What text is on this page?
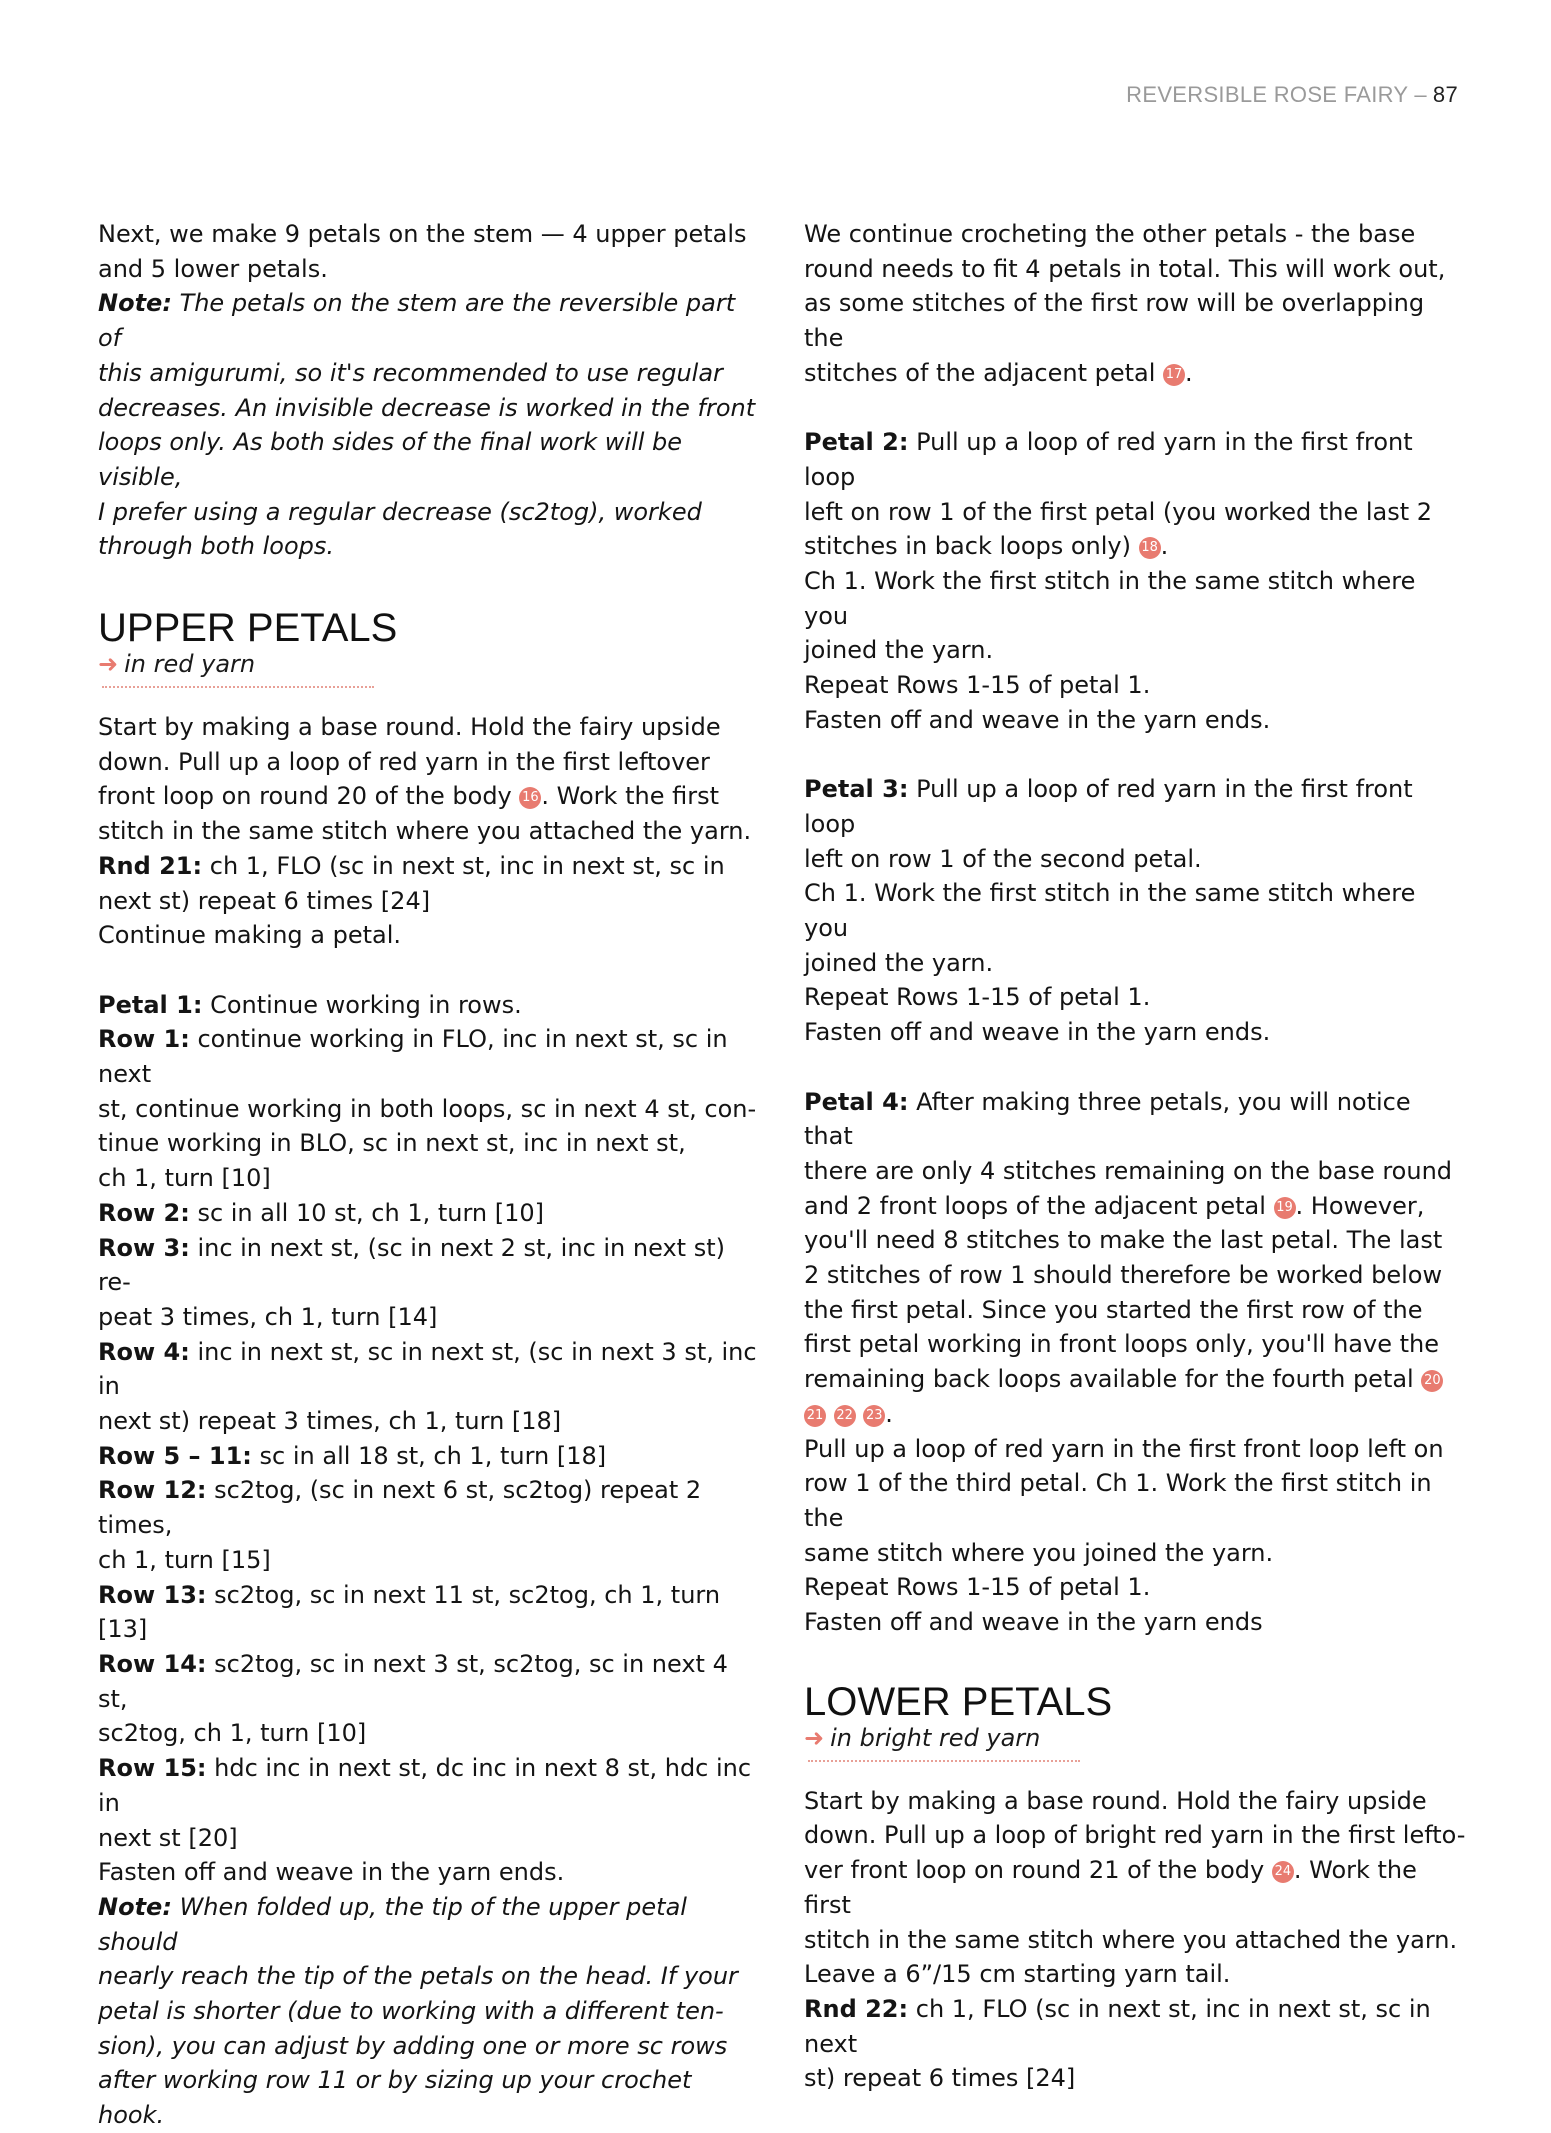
REVERSIBLE ROSE FAIRY – 87

Next, we make 9 petals on the stem — 4 upper petals

and 5 lower petals.

Note: The petals on the stem are the reversible part of

this amigurumi, so it's recommended to use regular

decreases. An invisible decrease is worked in the front

loops only. As both sides of the final work will be visible,

I prefer using a regular decrease (sc2tog), worked

through both loops.

UPPER PETALS
➜ in red yarn

Start by making a base round. Hold the fairy upside

down. Pull up a loop of red yarn in the first leftover

front loop on round 20 of the body 16 . Work the first

stitch in the same stitch where you attached the yarn.

Rnd 21: ch 1, FLO (sc in next st, inc in next st, sc in

next st) repeat 6 times [24]

Continue making a petal.

Petal 1: Continue working in rows.

Row 1: continue working in FLO, inc in next st, sc in next

st, continue working in both loops, sc in next 4 st, con-

tinue working in BLO, sc in next st, inc in next st,

ch 1, turn [10]

Row 2: sc in all 10 st, ch 1, turn [10]

Row 3: inc in next st, (sc in next 2 st, inc in next st) re-

peat 3 times, ch 1, turn [14]

Row 4: inc in next st, sc in next st, (sc in next 3 st, inc in

next st) repeat 3 times, ch 1, turn [18]

Row 5 – 11: sc in all 18 st, ch 1, turn [18]

Row 12: sc2tog, (sc in next 6 st, sc2tog) repeat 2 times,

ch 1, turn [15]

Row 13: sc2tog, sc in next 11 st, sc2tog, ch 1, turn [13]

Row 14: sc2tog, sc in next 3 st, sc2tog, sc in next 4 st,

sc2tog, ch 1, turn [10]

Row 15: hdc inc in next st, dc inc in next 8 st, hdc inc in

next st [20]

Fasten off and weave in the yarn ends.

Note: When folded up, the tip of the upper petal should

nearly reach the tip of the petals on the head. If your

petal is shorter (due to working with a different ten-

sion), you can adjust by adding one or more sc rows

after working row 11 or by sizing up your crochet

hook.

We continue crocheting the other petals - the base

round needs to fit 4 petals in total. This will work out,

as some stitches of the first row will be overlapping the

stitches of the adjacent petal 17 .

Petal 2: Pull up a loop of red yarn in the first front loop

left on row 1 of the first petal (you worked the last 2

stitches in back loops only) 18 .

Ch 1. Work the first stitch in the same stitch where you

joined the yarn.

Repeat Rows 1-15 of petal 1.

Fasten off and weave in the yarn ends.

Petal 3: Pull up a loop of red yarn in the first front loop

left on row 1 of the second petal.

Ch 1. Work the first stitch in the same stitch where you

joined the yarn.

Repeat Rows 1-15 of petal 1.

Fasten off and weave in the yarn ends.

Petal 4: After making three petals, you will notice that

there are only 4 stitches remaining on the base round

and 2 front loops of the adjacent petal 19 . However,

you'll need 8 stitches to make the last petal. The last

2 stitches of row 1 should therefore be worked below

the first petal. Since you started the first row of the

first petal working in front loops only, you'll have the

remaining back loops available for the fourth petal 20

21 22 23 .

Pull up a loop of red yarn in the first front loop left on

row 1 of the third petal. Ch 1. Work the first stitch in the

same stitch where you joined the yarn.

Repeat Rows 1-15 of petal 1.

Fasten off and weave in the yarn ends

LOWER PETALS
➜ in bright red yarn

Start by making a base round. Hold the fairy upside

down. Pull up a loop of bright red yarn in the first lefto-

ver front loop on round 21 of the body 24 . Work the first

stitch in the same stitch where you attached the yarn.

Leave a 6”/15 cm starting yarn tail.

Rnd 22: ch 1, FLO (sc in next st, inc in next st, sc in next

st) repeat 6 times [24]
